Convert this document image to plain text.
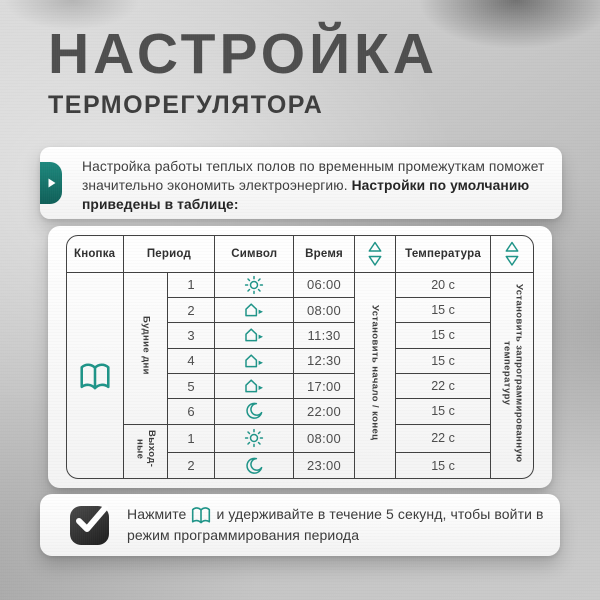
НАСТРОЙКА
ТЕРМОРЕГУЛЯТОРА

Настройка работы теплых полов по временным промежуткам поможет значительно экономить электроэнергию. Настройки по умолчанию приведены в таблице:

Кнопка	Период		Символ	Время		Температура	

	Будние дни	1		06:00	Установить начало / конец	20 с	Установить запрограммированную температуру
		2		08:00		15 с	
		3		11:30		15 с	
		4		12:30		15 с	
		5		17:00		22 с	
		6		22:00		15 с	
	Выход-ные	1		08:00		22 с	
		2		23:00		15 с	

Нажмите и удерживайте в течение 5 секунд, чтобы войти в режим программирования периода
